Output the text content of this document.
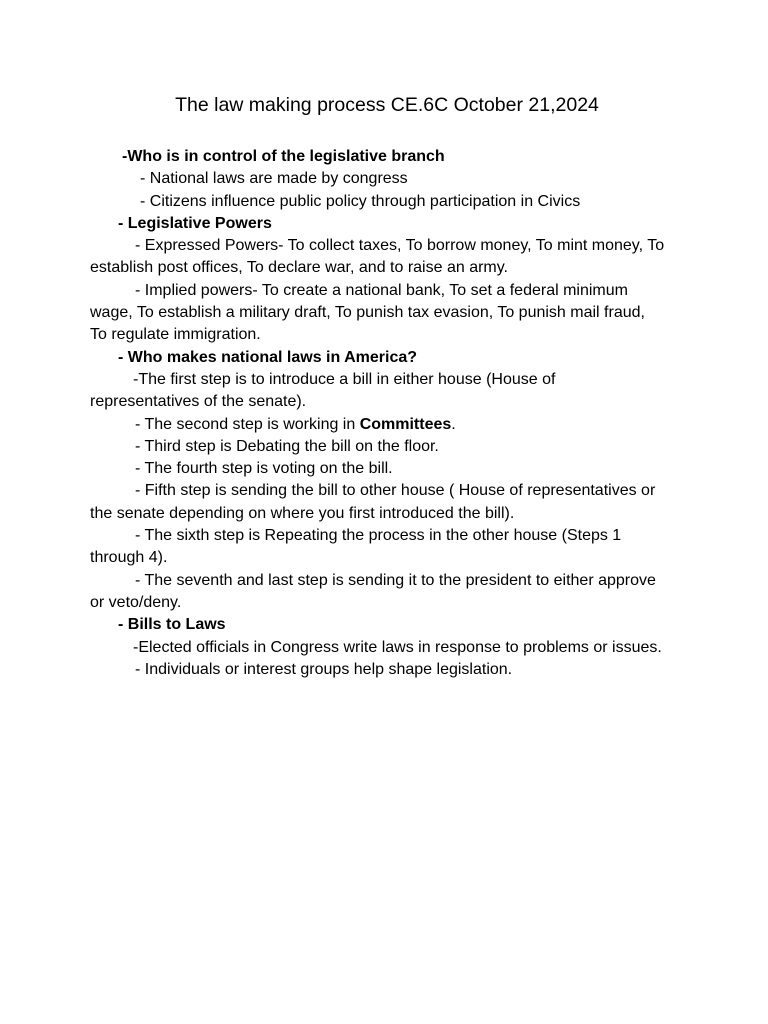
The law making process CE.6C October 21,2024
-Who is in control of the legislative branch
- National laws are made by congress
- Citizens influence public policy through participation in Civics
- Legislative Powers
- Expressed Powers- To collect taxes, To borrow money, To mint money, To
establish post offices, To declare war, and to raise an army.
- Implied powers- To create a national bank, To set a federal minimum
wage, To establish a military draft, To punish tax evasion, To punish mail fraud,
To regulate immigration.
- Who makes national laws in America?
-The first step is to introduce a bill in either house (House of
representatives of the senate).
- The second step is working in Committees.
- Third step is Debating the bill on the floor.
- The fourth step is voting on the bill.
- Fifth step is sending the bill to other house ( House of representatives or
the senate depending on where you first introduced the bill).
- The sixth step is Repeating the process in the other house (Steps 1
through 4).
- The seventh and last step is sending it to the president to either approve
or veto/deny.
- Bills to Laws
-Elected officials in Congress write laws in response to problems or issues.
- Individuals or interest groups help shape legislation.
